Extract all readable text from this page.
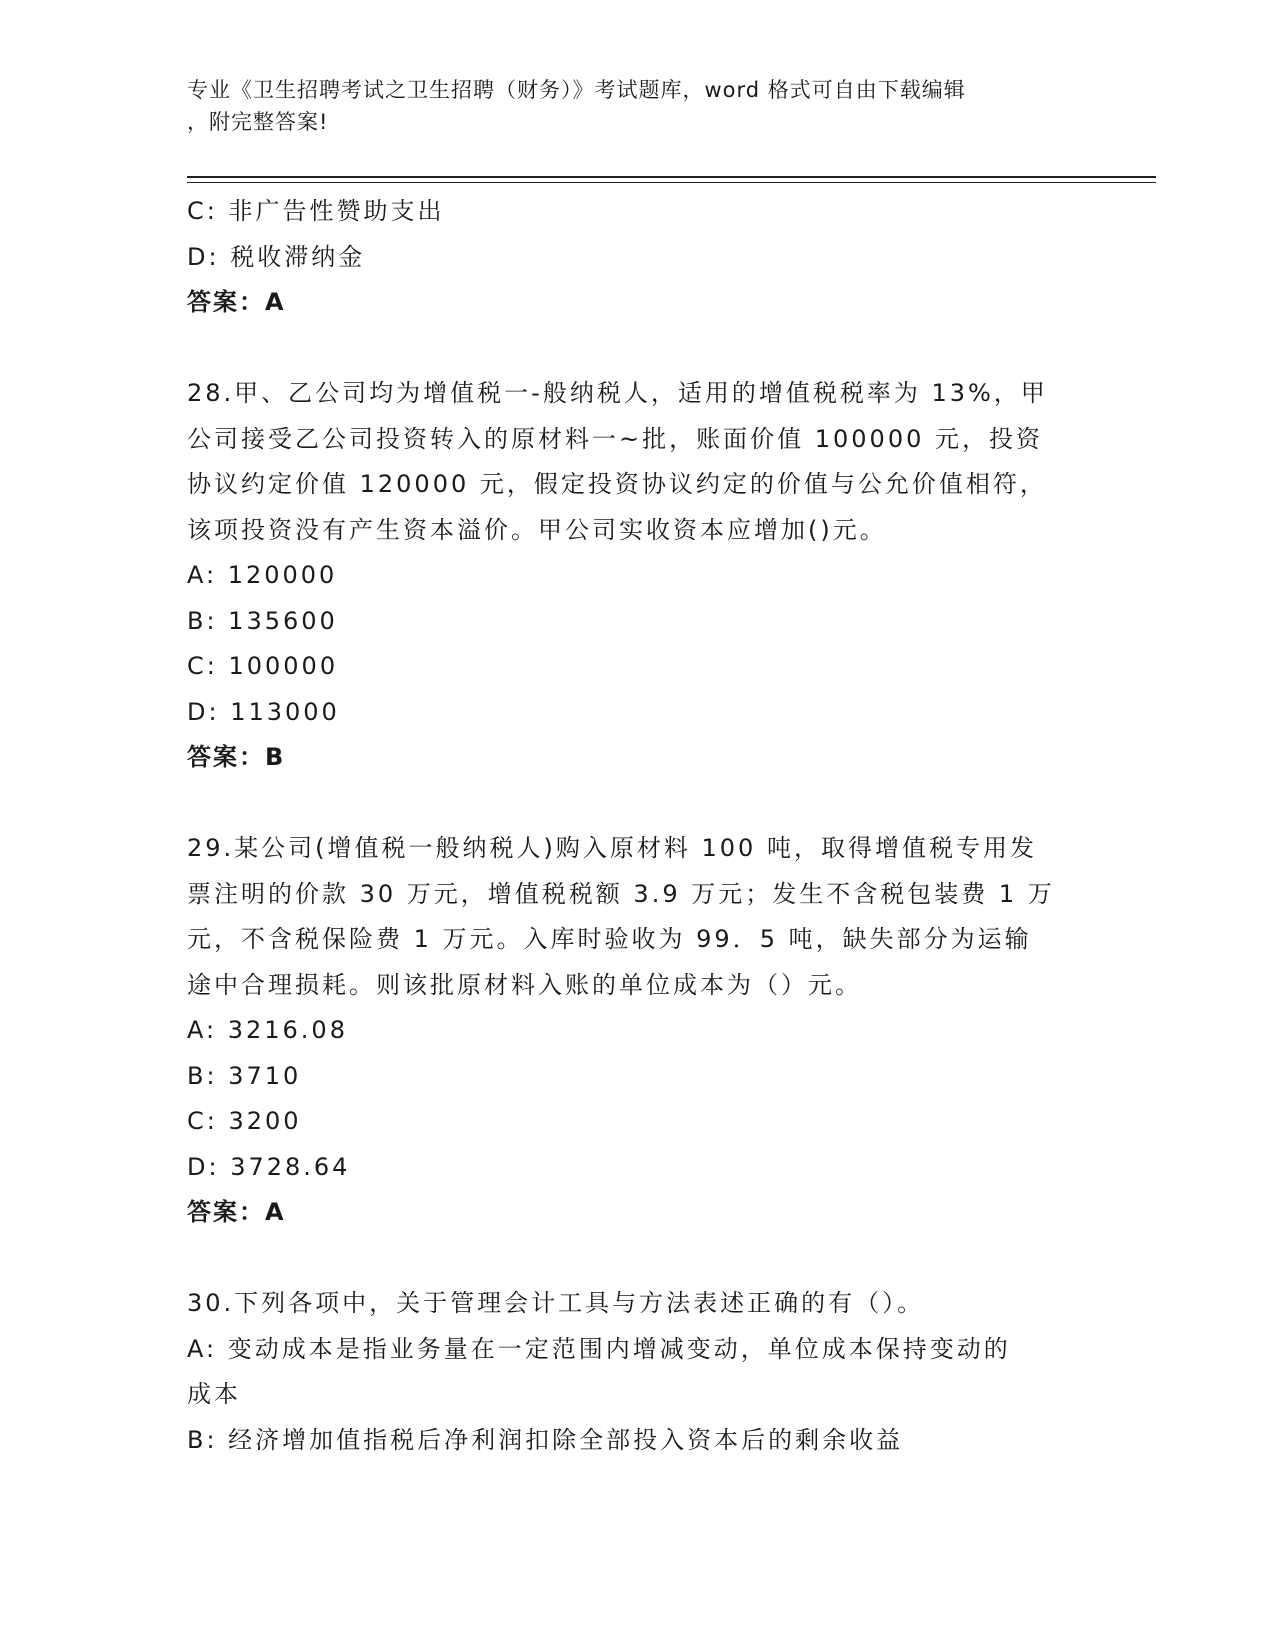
专业《卫生招聘考试之卫生招聘（财务）》考试题库，word 格式可自由下载编辑
，附完整答案!
C: 非广告性赞助支出
D: 税收滞纳金
答案：A
28.甲、乙公司均为增值税一-般纳税人，适用的增值税税率为 13%，甲
公司接受乙公司投资转入的原材料一~批，账面价值 100000 元，投资
协议约定价值 120000 元，假定投资协议约定的价值与公允价值相符，
该项投资没有产生资本溢价。甲公司实收资本应增加()元。
A: 120000
B: 135600
C: 100000
D: 113000
答案：B
29.某公司(增值税一般纳税人)购入原材料 100 吨，取得增值税专用发
票注明的价款 30 万元，增值税税额 3.9 万元；发生不含税包装费 1 万
元，不含税保险费 1 万元。入库时验收为 99．5 吨，缺失部分为运输
途中合理损耗。则该批原材料入账的单位成本为（）元。
A: 3216.08
B: 3710
C: 3200
D: 3728.64
答案：A
30.下列各项中，关于管理会计工具与方法表述正确的有（）。
A: 变动成本是指业务量在一定范围内增减变动，单位成本保持变动的
成本
B: 经济增加值指税后净利润扣除全部投入资本后的剩余收益
